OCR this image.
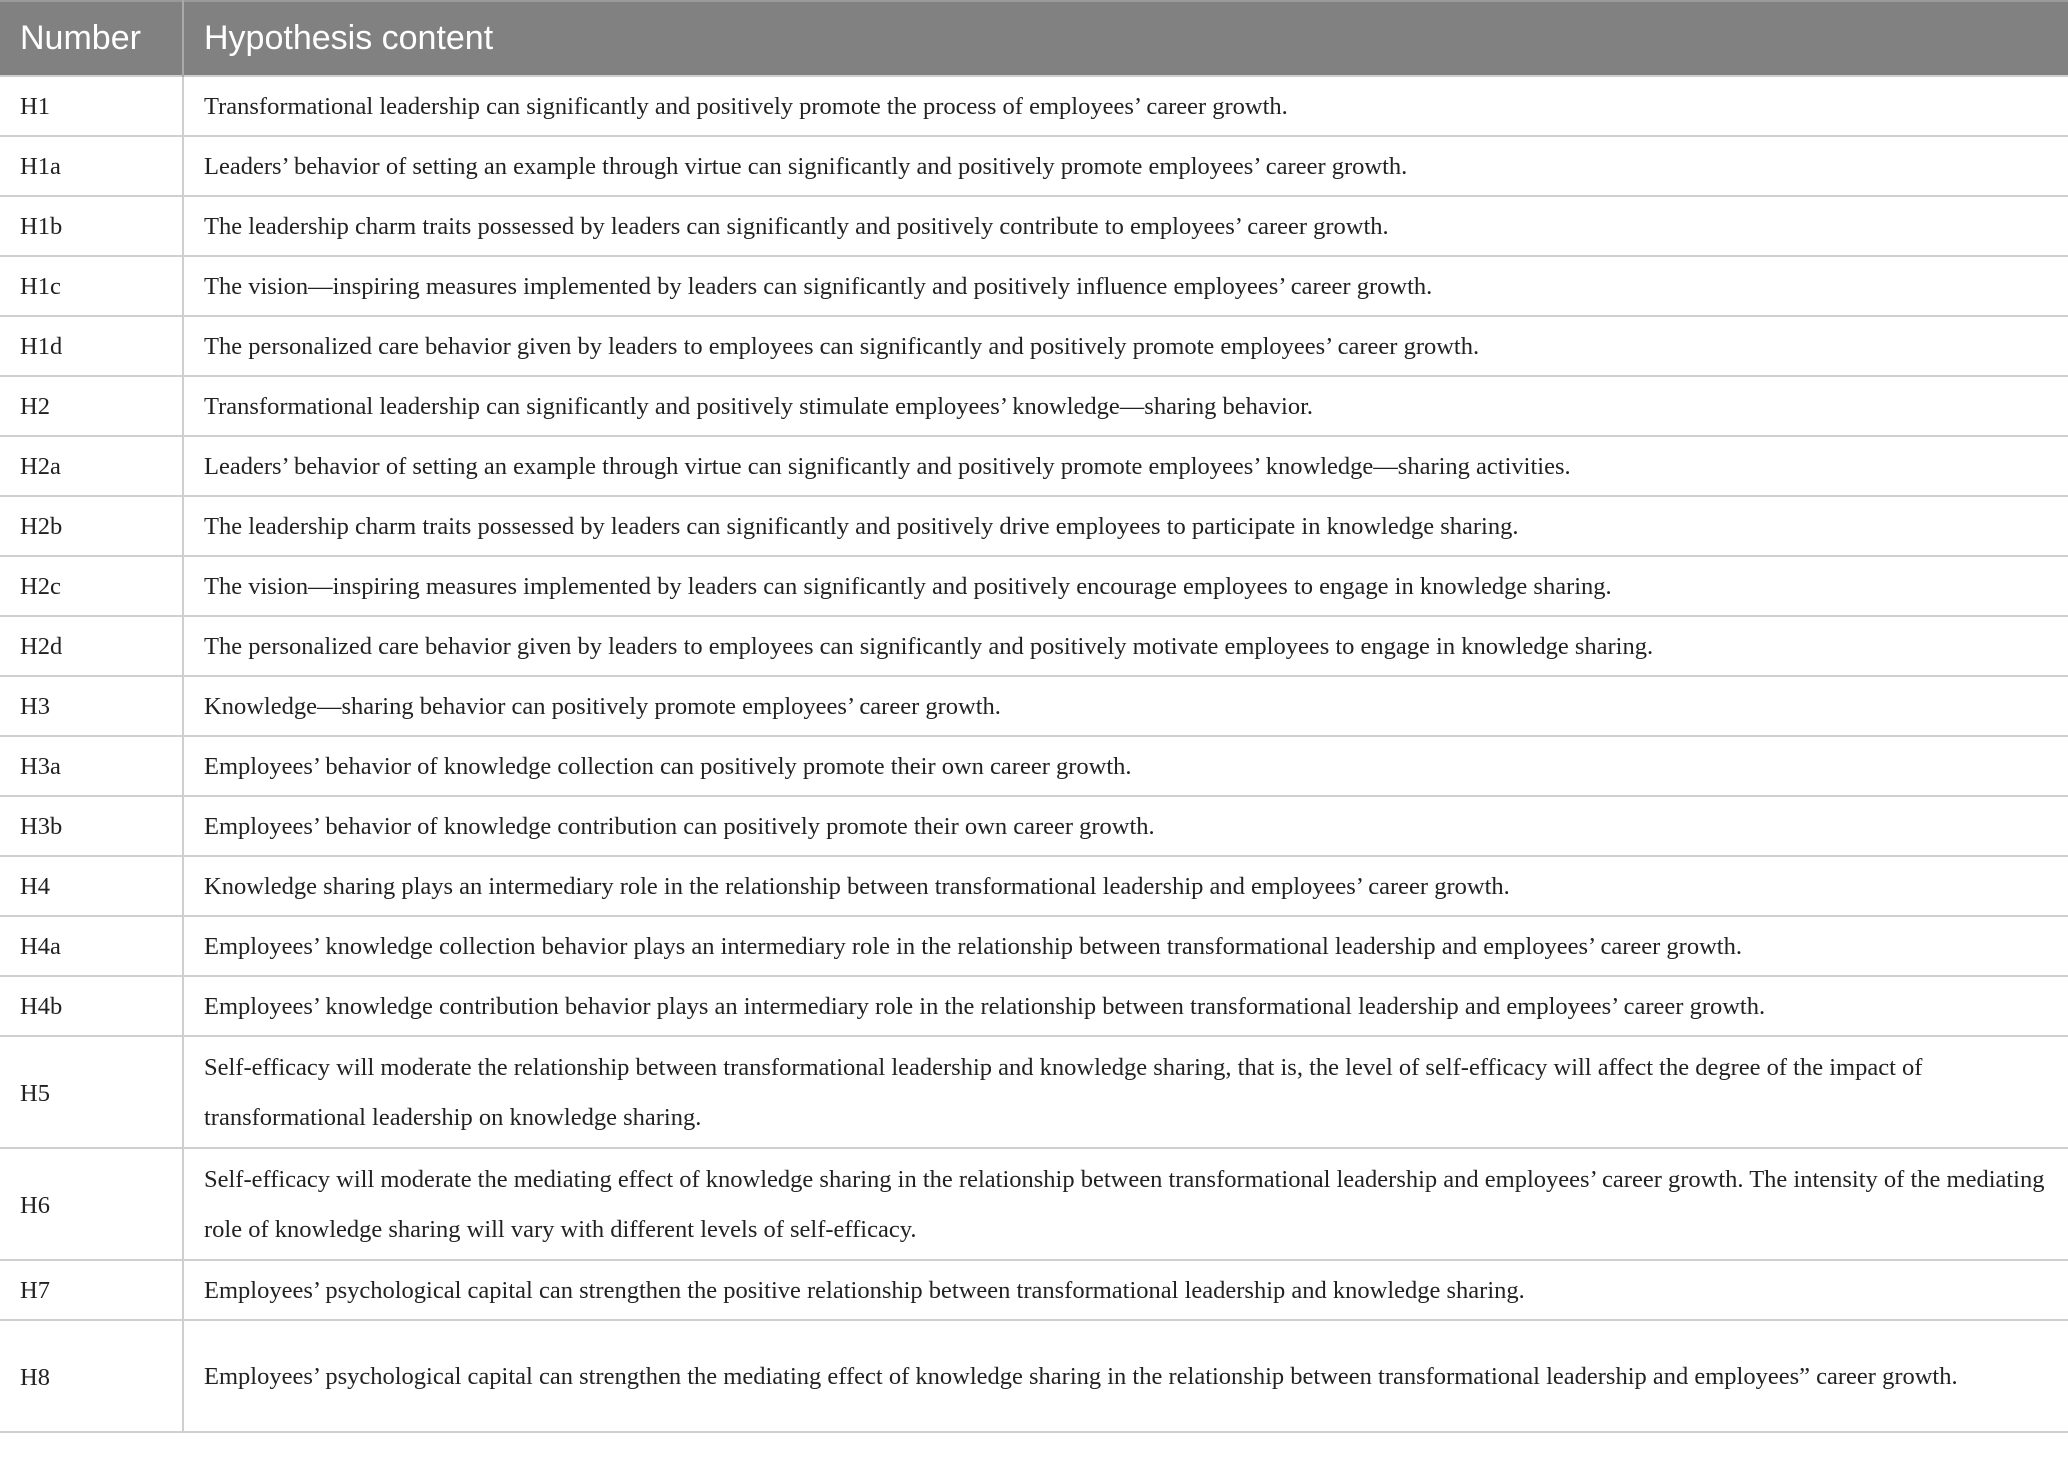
Number	Hypothesis content
H1	Transformational leadership can significantly and positively promote the process of employees’ career growth.
H1a	Leaders’ behavior of setting an example through virtue can significantly and positively promote employees’ career growth.
H1b	The leadership charm traits possessed by leaders can significantly and positively contribute to employees’ career growth.
H1c	The vision—inspiring measures implemented by leaders can significantly and positively influence employees’ career growth.
H1d	The personalized care behavior given by leaders to employees can significantly and positively promote employees’ career growth.
H2	Transformational leadership can significantly and positively stimulate employees’ knowledge—sharing behavior.
H2a	Leaders’ behavior of setting an example through virtue can significantly and positively promote employees’ knowledge—sharing activities.
H2b	The leadership charm traits possessed by leaders can significantly and positively drive employees to participate in knowledge sharing.
H2c	The vision—inspiring measures implemented by leaders can significantly and positively encourage employees to engage in knowledge sharing.
H2d	The personalized care behavior given by leaders to employees can significantly and positively motivate employees to engage in knowledge sharing.
H3	Knowledge—sharing behavior can positively promote employees’ career growth.
H3a	Employees’ behavior of knowledge collection can positively promote their own career growth.
H3b	Employees’ behavior of knowledge contribution can positively promote their own career growth.
H4	Knowledge sharing plays an intermediary role in the relationship between transformational leadership and employees’ career growth.
H4a	Employees’ knowledge collection behavior plays an intermediary role in the relationship between transformational leadership and employees’ career growth.
H4b	Employees’ knowledge contribution behavior plays an intermediary role in the relationship between transformational leadership and employees’ career growth.
H5	Self-efficacy will moderate the relationship between transformational leadership and knowledge sharing, that is, the level of self-efficacy will affect the degree of the impact of transformational leadership on knowledge sharing.
H6	Self-efficacy will moderate the mediating effect of knowledge sharing in the relationship between transformational leadership and employees’ career growth. The intensity of the mediating role of knowledge sharing will vary with different levels of self-efficacy.
H7	Employees’ psychological capital can strengthen the positive relationship between transformational leadership and knowledge sharing.
H8	Employees’ psychological capital can strengthen the mediating effect of knowledge sharing in the relationship between transformational leadership and employees” career growth.
